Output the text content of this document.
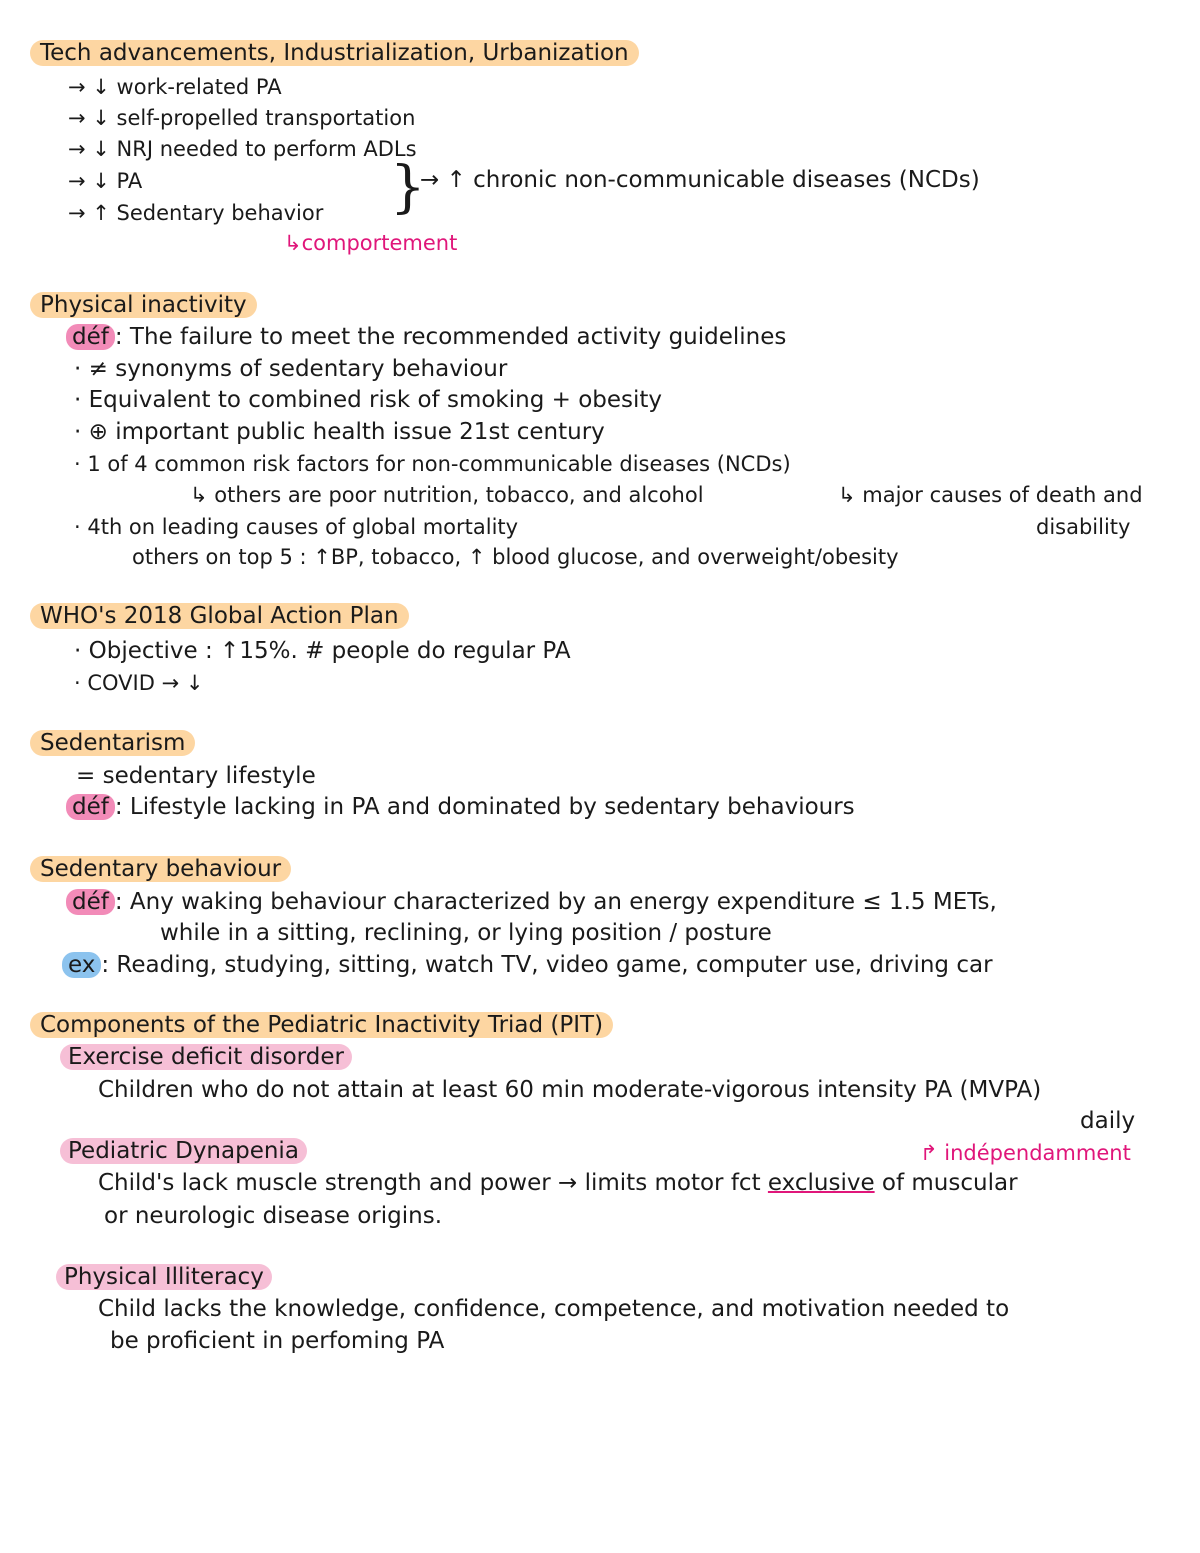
Tech advancements, Industrialization, Urbanization
→ ↓ work-related PA
→ ↓ self-propelled transportation
→ ↓ NRJ needed to perform ADLs
→ ↓ PA
→ ↑ Sedentary behavior }
→ ↑ chronic non-communicable diseases (NCDs)
↳comportement
Physical inactivity
déf : The failure to meet the recommended activity guidelines
· ≠ synonyms of sedentary behaviour
· Equivalent to combined risk of smoking + obesity
· ⊕ important public health issue 21st century
· 1 of 4 common risk factors for non-communicable diseases (NCDs)
↳ others are poor nutrition, tobacco, and alcohol	↳ major causes of death and
disability
· 4th on leading causes of global mortality
others on top 5 : ↑BP, tobacco, ↑ blood glucose, and overweight/obesity
WHO's 2018 Global Action Plan
· Objective : ↑15%. # people do regular PA
· COVID → ↓
Sedentarism
= sedentary lifestyle
déf : Lifestyle lacking in PA and dominated by sedentary behaviours
Sedentary behaviour
déf : Any waking behaviour characterized by an energy expenditure ≤ 1.5 METs,
while in a sitting, reclining, or lying position / posture
ex : Reading, studying, sitting, watch TV, video game, computer use, driving car
Components of the Pediatric Inactivity Triad (PIT)
Exercise deficit disorder
Children who do not attain at least 60 min moderate-vigorous intensity PA (MVPA)
daily
Pediatric Dynapenia	↱ indépendamment
Child's lack muscle strength and power → limits motor fct exclusive of muscular
or neurologic disease origins.
Physical Illiteracy
Child lacks the knowledge, confidence, competence, and motivation needed to
be proficient in perfoming PA
